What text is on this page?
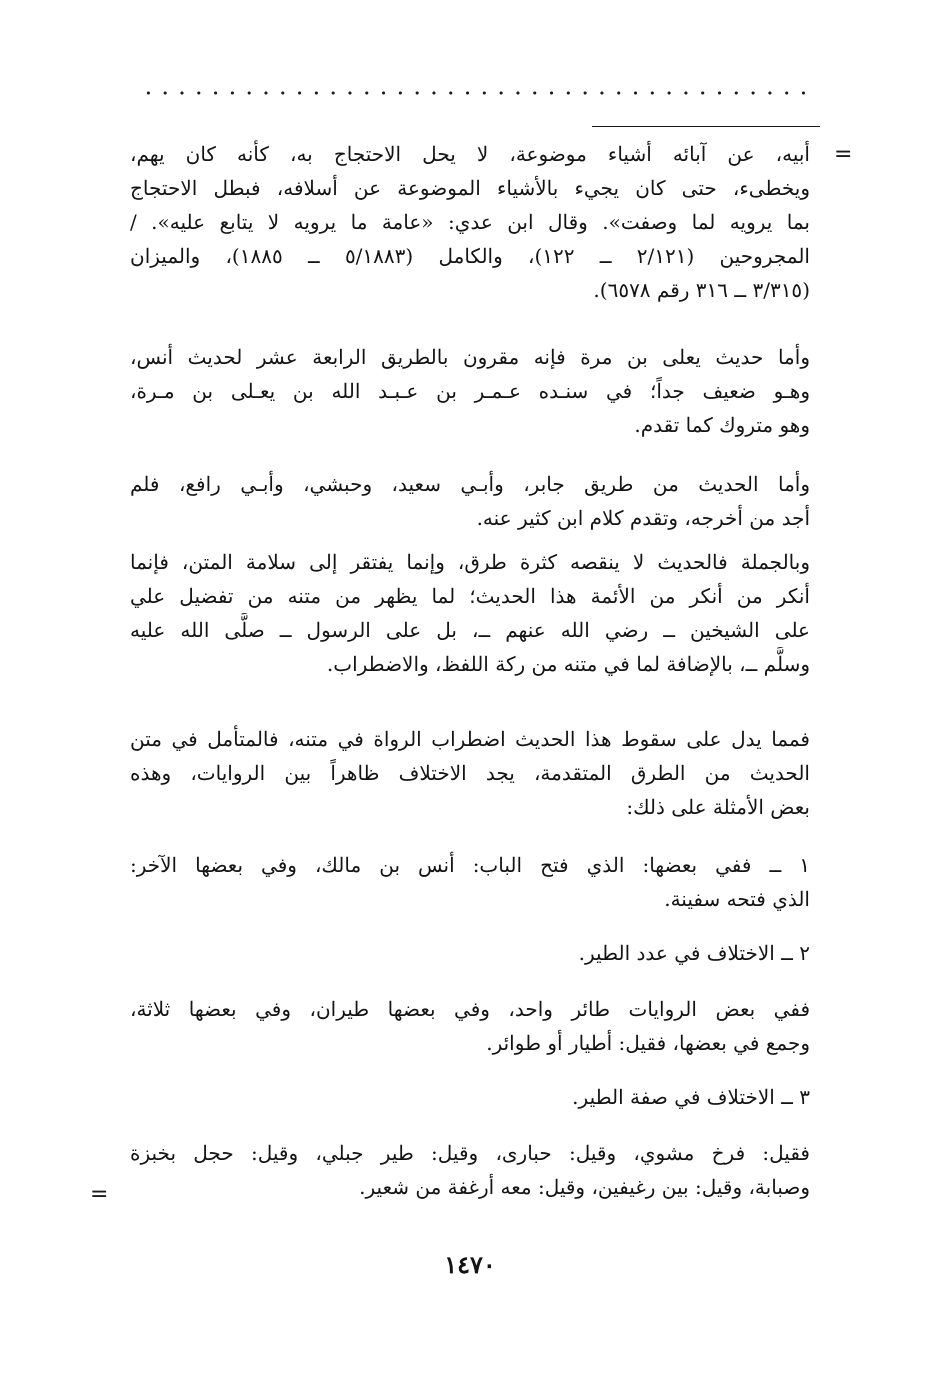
=
أبيه، عن آبائه أشياء موضوعة، لا يحل الاحتجاج به، كأنه كان يهم،
ويخطىء، حتى كان يجيء بالأشياء الموضوعة عن أسلافه، فبطل الاحتجاج
بما يرويه لما وصفت». وقال ابن عدي: «عامة ما يرويه لا يتابع عليه». /
المجروحين (٢/١٢١ ــ ١٢٢)، والكامل (٥/١٨٨٣ ــ ١٨٨٥)، والميزان
(٣/٣١٥ ــ ٣١٦ رقم ٦٥٧٨).
وأما حديث يعلى بن مرة فإنه مقرون بالطريق الرابعة عشر لحديث أنس،
وهـو ضعيف جداً؛ في سنـده عـمـر بن عـبـد الله بن يعـلى بن مـرة،
وهو متروك كما تقدم.
وأما الحديث من طريق جابر، وأبـي سعيد، وحبشي، وأبـي رافع، فلم
أجد من أخرجه، وتقدم كلام ابن كثير عنه.
وبالجملة فالحديث لا ينقصه كثرة طرق، وإنما يفتقر إلى سلامة المتن، فإنما
أنكر من أنكر من الأئمة هذا الحديث؛ لما يظهر من متنه من تفضيل علي
على الشيخين ــ رضي الله عنهم ــ، بل على الرسول ــ صلَّى الله عليه
وسلَّم ــ، بالإضافة لما في متنه من ركة اللفظ، والاضطراب.
فمما يدل على سقوط هذا الحديث اضطراب الرواة في متنه، فالمتأمل في متن
الحديث من الطرق المتقدمة، يجد الاختلاف ظاهراً بين الروايات، وهذه
بعض الأمثلة على ذلك:
١ ــ ففي بعضها: الذي فتح الباب: أنس بن مالك، وفي بعضها الآخر:
الذي فتحه سفينة.
٢ ــ الاختلاف في عدد الطير.
ففي بعض الروايات طائر واحد، وفي بعضها طيران، وفي بعضها ثلاثة،
وجمع في بعضها، فقيل: أطيار أو طوائر.
٣ ــ الاختلاف في صفة الطير.
فقيل: فرخ مشوي، وقيل: حبارى، وقيل: طير جبلي، وقيل: حجل بخبزة
وصبابة، وقيل: بين رغيفين، وقيل: معه أرغفة من شعير.
=
١٤٧٠
